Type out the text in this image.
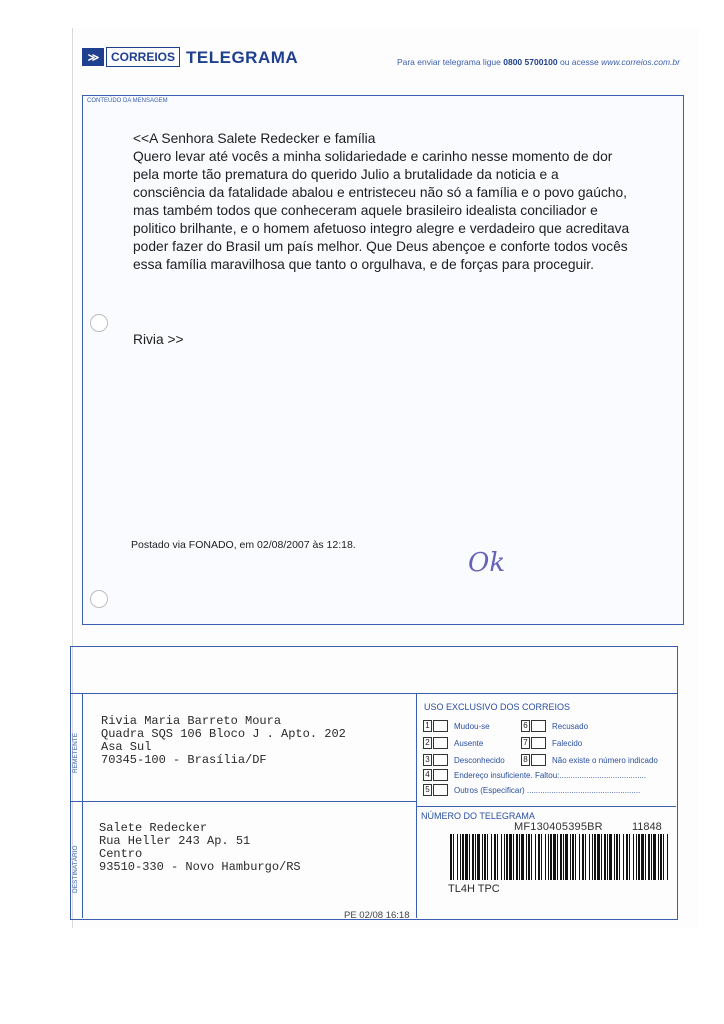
≫	CORREIOS TELEGRAMA	Para enviar telegrama ligue 0800 5700100 ou acesse www.correios.com.br
CONTEÚDO DA MENSAGEM

<<A Senhora Salete Redecker e família

Quero levar até vocês a minha solidariedade e carinho nesse momento de dor

pela morte tão prematura do querido Julio a brutalidade da noticia e a

consciência da fatalidade abalou e entristeceu não só a família e o povo gaúcho,

mas também todos que conheceram aquele brasileiro idealista conciliador e

politico brilhante, e o homem afetuoso integro alegre e verdadeiro que acreditava

poder fazer do Brasil um país melhor. Que Deus abençoe e conforte todos vocês

essa família maravilhosa que tanto o orgulhava, e de forças para proceguir.

Rivia >>
Postado via FONADO, em 02/08/2007 às 12:18.
Ok
REMETENTE
DESTINATÁRIO
Rivia Maria Barreto Moura
Quadra SQS 106 Bloco J . Apto. 202
Asa Sul
70345-100 - Brasília/DF
Salete Redecker
Rua Heller 243 Ap. 51
Centro
93510-330 - Novo Hamburgo/RS
USO EXCLUSIVO DOS CORREIOS
1	Mudou-se	6	Recusado
2	Ausente	7	Falecido
3	Desconhecido 8	Não existe o número indicado
4	Endereço insuficiente. Faltou:.......................................
5	Outros (Especificar) ...................................................
NÚMERO DO TELEGRAMA
MF130405395BR	11848
TL4H TPC
PE 02/08 16:18
